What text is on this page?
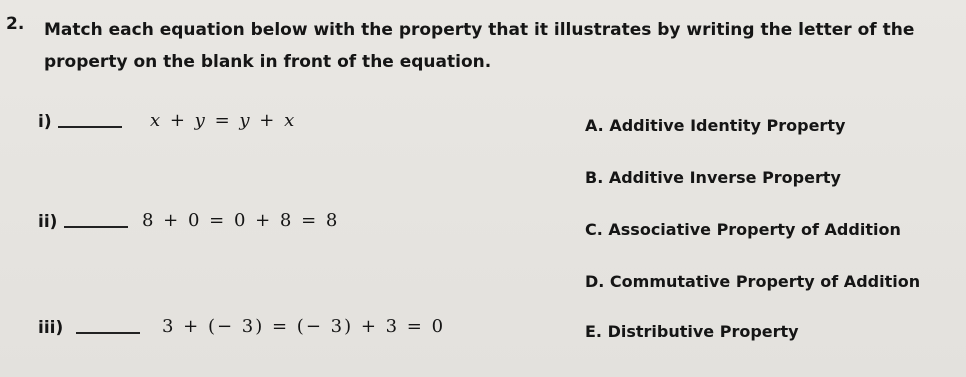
2. Match each equation below with the property that it illustrates by writing the letter of the property on the blank in front of the equation.
i)	x + y = y + x
ii)	8 + 0 = 0 + 8 = 8
iii)	3 + (− 3) = (− 3) + 3 = 0
A. Additive Identity Property
B. Additive Inverse Property
C. Associative Property of Addition
D. Commutative Property of Addition
E. Distributive Property
